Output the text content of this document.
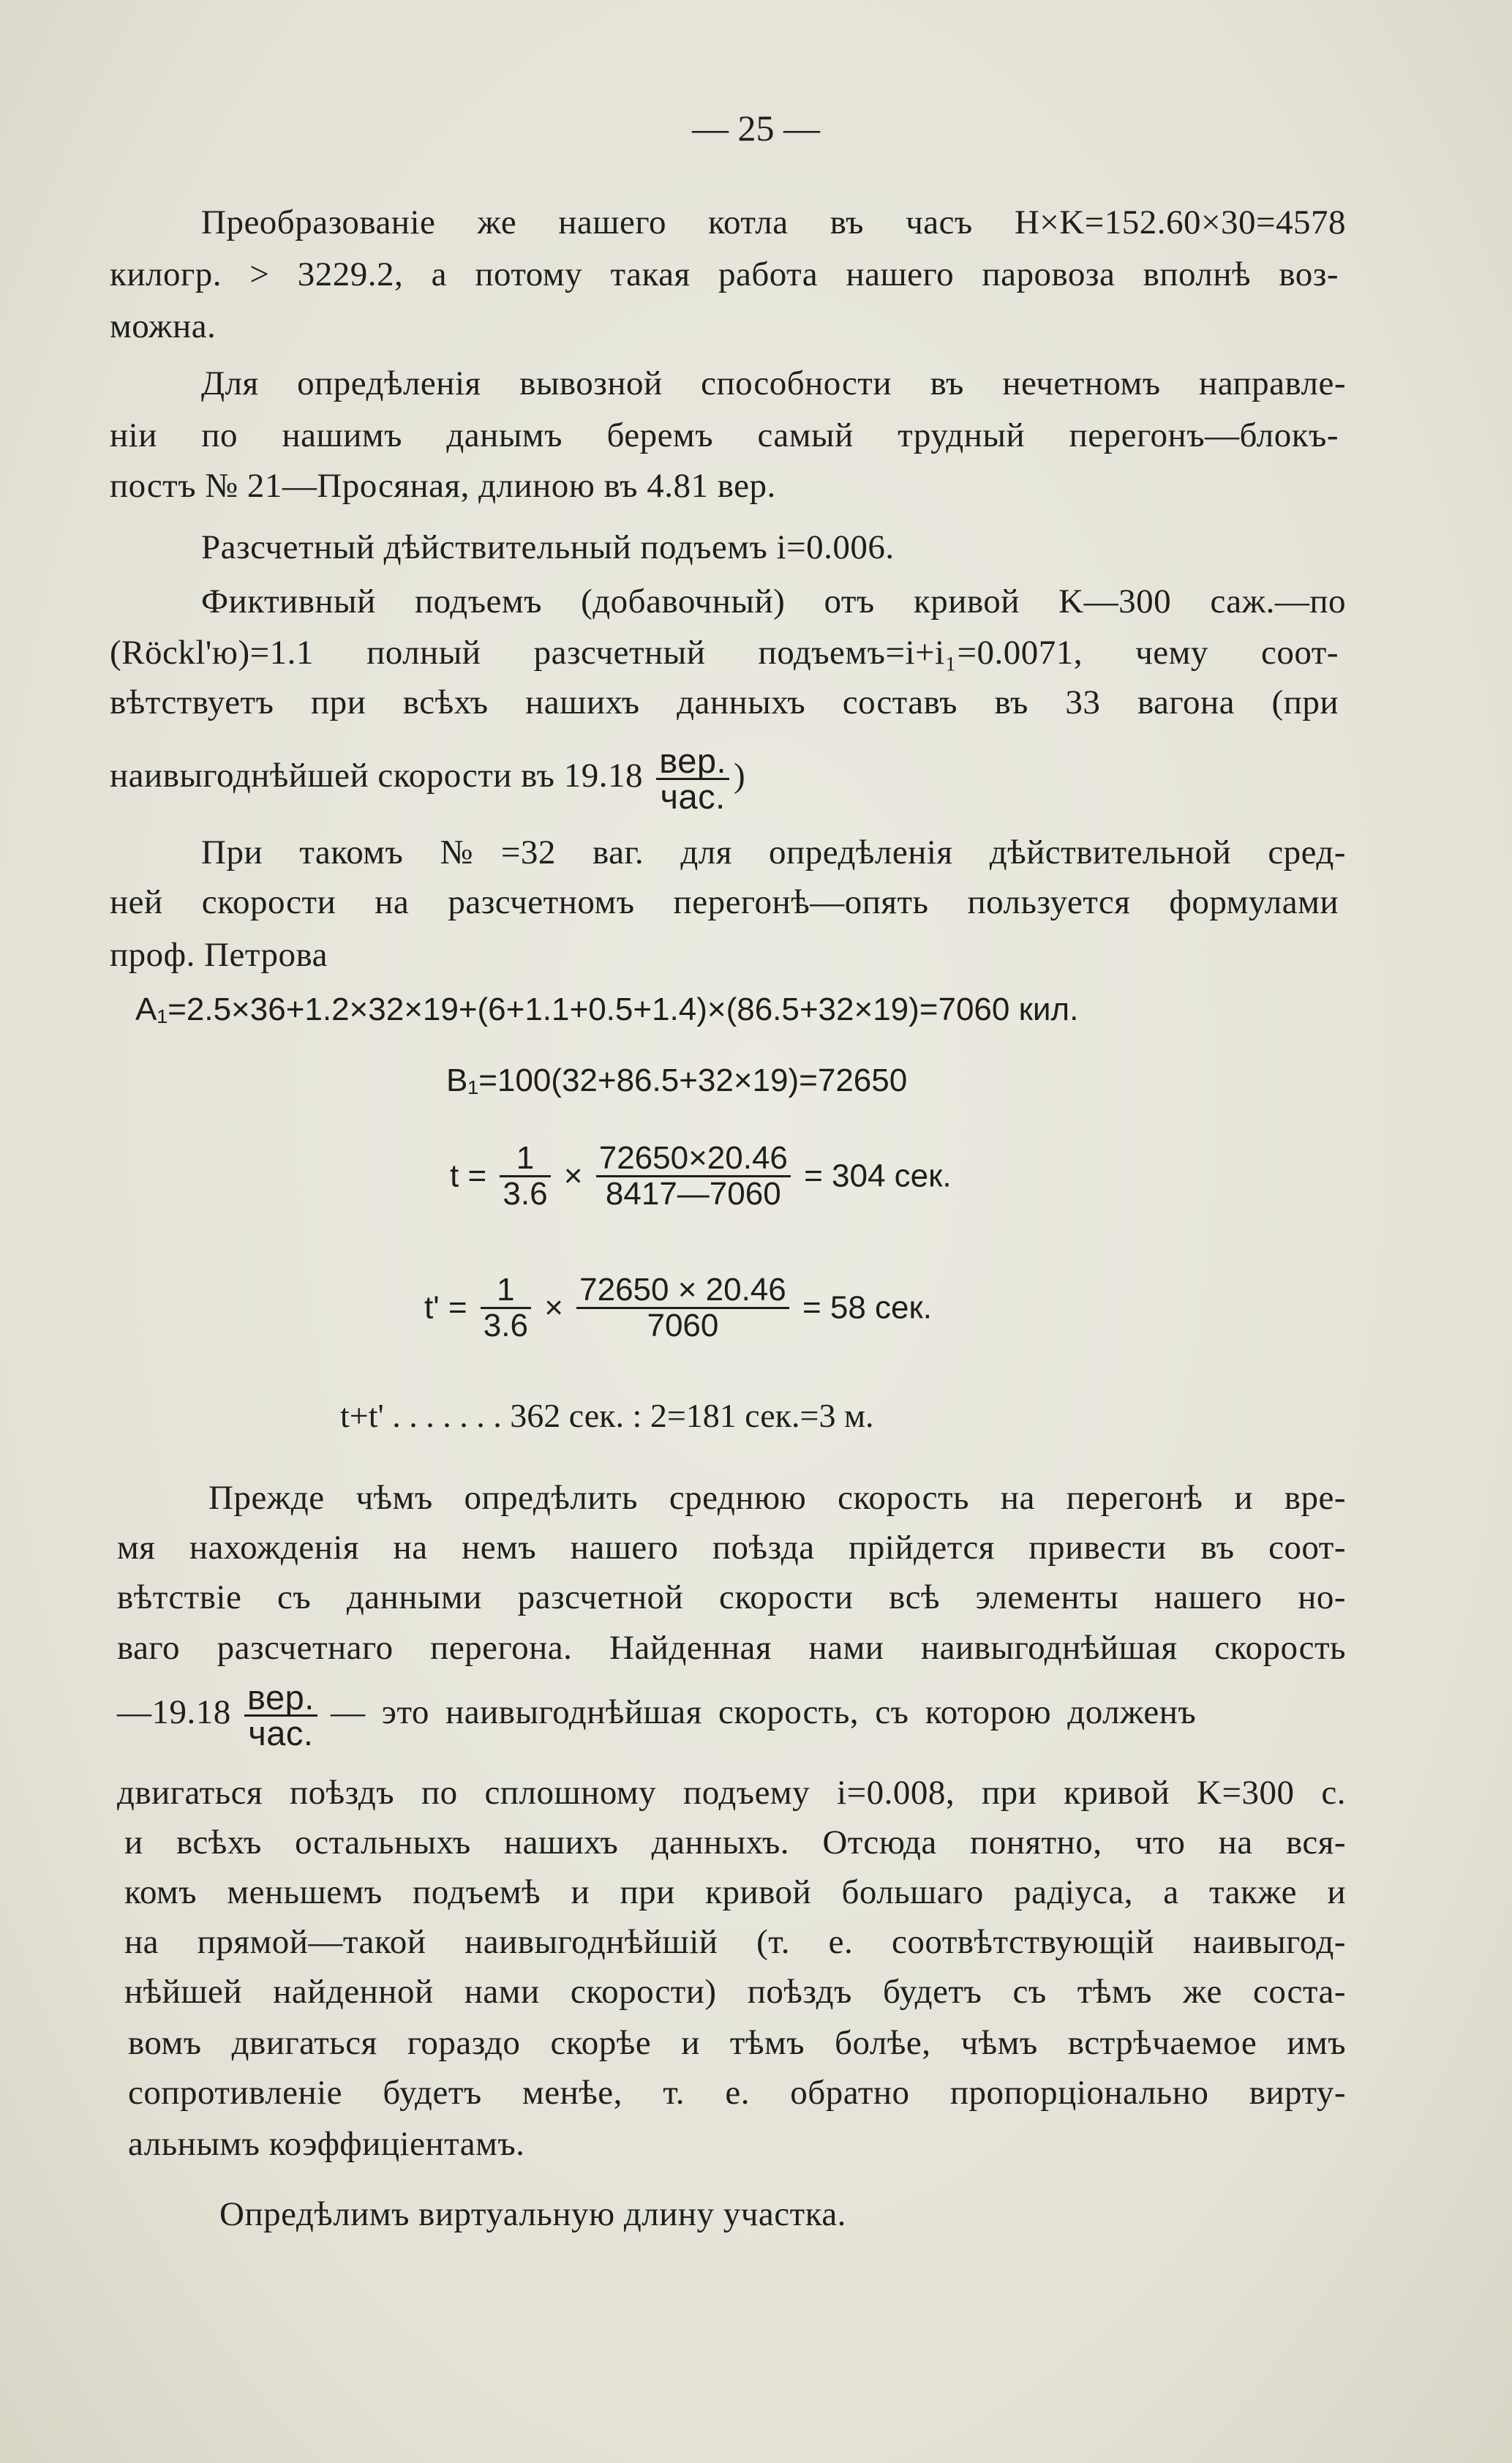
— 25 —
Преобразованіе же нашего котла въ часъ H×K=152.60×30=4578
килогр. > 3229.2, а потому такая работа нашего паровоза вполнѣ воз-
можна.
Для опредѣленія вывозной способности въ нечетномъ направле-
ніи по нашимъ данымъ беремъ самый трудный перегонъ—блокъ-
постъ № 21—Просяная, длиною въ 4.81 вер.
Разсчетный дѣйствительный подъемъ i=0.006.
Фиктивный подъемъ (добавочный) отъ кривой K—300 саж.—по
(Röckl'ю)=1.1 полный разсчетный подъемъ=i+i₁=0.0071, чему соот-
вѣтствуетъ при всѣхъ нашихъ данныхъ составъ въ 33 вагона (при
наивыгоднѣйшей скорости въ $19.18 \frac{\text{вер.}}{\text{час.}}$ )
При такомъ №=32 ваг. для опредѣленія дѣйствительной сред-
ней скорости на разсчетномъ перегонѣ—опять пользуется формулами
проф. Петрова
A₁=2.5×36+1.2×32×19+(6+1.1+0.5+1.4)×(86.5+32×19)=7060 кил.
B₁=100(32+86.5+32×19)=72650
$t = \frac{1}{3.6} \times \frac{72650\times 20.46}{8417—7060} = 304$ сек.
$t' = \frac{1}{3.6} \times \frac{72650 \times 20.46}{7060} = 58$ сек.
t+t' . . . . . . . 362 сек. : 2=181 сек.=3 м.
Прежде чѣмъ опредѣлить среднюю скорость на перегонѣ и вре-
мя нахожденія на немъ нашего поѣзда прійдется привести въ соот-
вѣтствіе съ данными разсчетной скорости всѣ элементы нашего но-
ваго разсчетнаго перегона. Найденная нами наивыгоднѣйшая скорость
—19.18 $\frac{\text{вер.}}{\text{час.}}$ — это наивыгоднѣйшая скорость, съ которою долженъ
двигаться поѣздъ по сплошному подъему i=0.008, при кривой K=300 с.
и всѣхъ остальныхъ нашихъ данныхъ. Отсюда понятно, что на вся-
комъ меньшемъ подъемѣ и при кривой большаго радіуса, а также и
на прямой—такой наивыгоднѣйшій (т. е. соотвѣтствующій наивыгод-
нѣйшей найденной нами скорости) поѣздъ будетъ съ тѣмъ же соста-
вомъ двигаться гораздо скорѣе и тѣмъ болѣе, чѣмъ встрѣчаемое имъ
сопротивленіе будетъ менѣе, т. е. обратно пропорціонально вирту-
альнымъ коэффиціентамъ.
Опредѣлимъ виртуальную длину участка.
